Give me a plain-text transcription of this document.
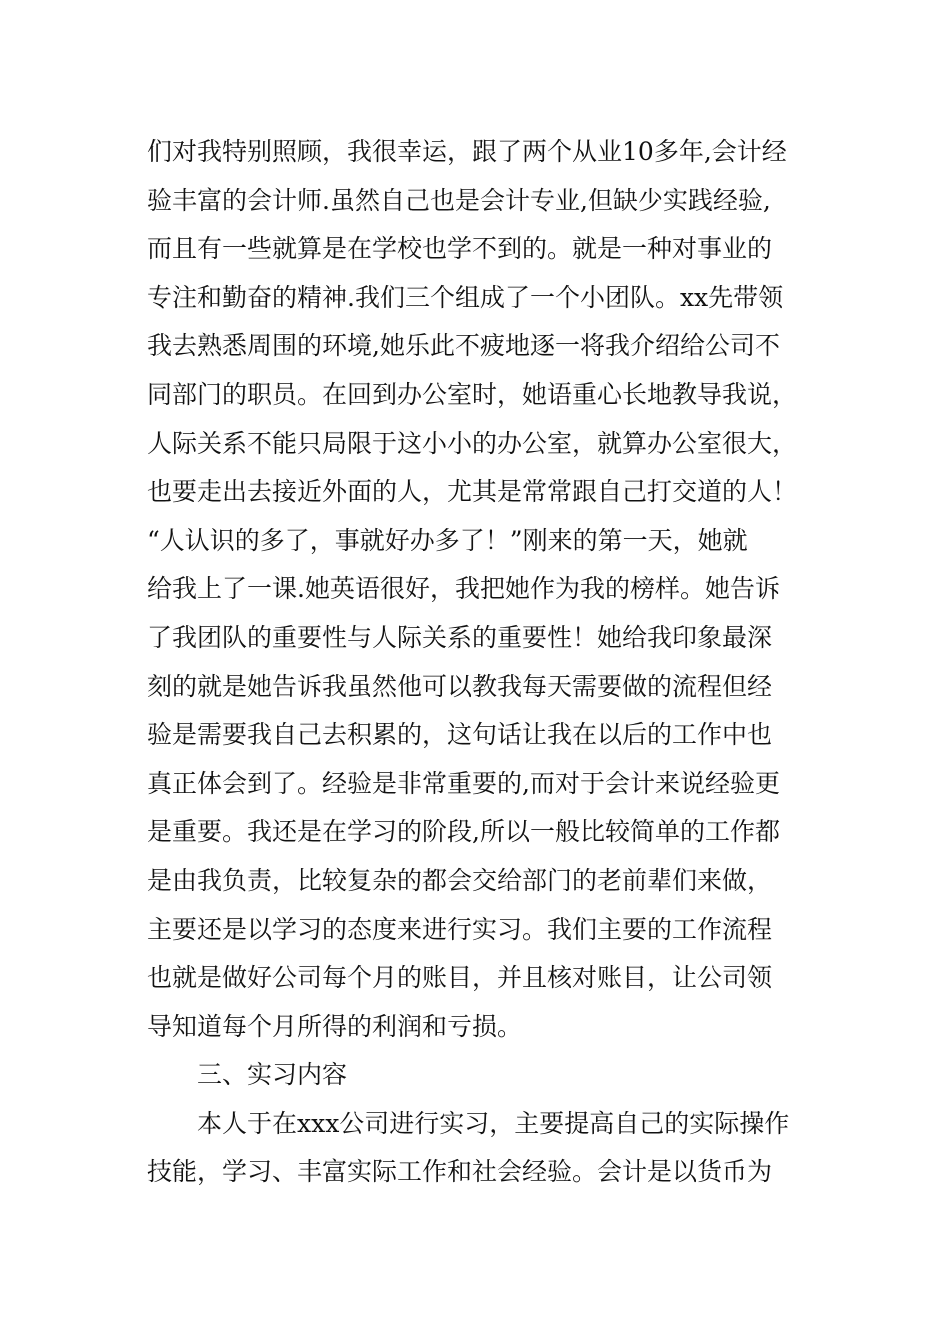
们对我特别照顾，我很幸运，跟了两个从业10多年,会计经
验丰富的会计师.虽然自己也是会计专业,但缺少实践经验,
而且有一些就算是在学校也学不到的。就是一种对事业的
专注和勤奋的精神.我们三个组成了一个小团队。xx先带领
我去熟悉周围的环境,她乐此不疲地逐一将我介绍给公司不
同部门的职员。在回到办公室时，她语重心长地教导我说，
人际关系不能只局限于这小小的办公室，就算办公室很大，
也要走出去接近外面的人，尤其是常常跟自己打交道的人！
“人认识的多了，事就好办多了！”刚来的第一天，她就
给我上了一课.她英语很好，我把她作为我的榜样。她告诉
了我团队的重要性与人际关系的重要性！她给我印象最深
刻的就是她告诉我虽然他可以教我每天需要做的流程但经
验是需要我自己去积累的，这句话让我在以后的工作中也
真正体会到了。经验是非常重要的,而对于会计来说经验更
是重要。我还是在学习的阶段,所以一般比较简单的工作都
是由我负责，比较复杂的都会交给部门的老前辈们来做，
主要还是以学习的态度来进行实习。我们主要的工作流程
也就是做好公司每个月的账目，并且核对账目，让公司领
导知道每个月所得的利润和亏损。
三、实习内容
本人于在xxx公司进行实习，主要提高自己的实际操作
技能，学习、丰富实际工作和社会经验。会计是以货币为
